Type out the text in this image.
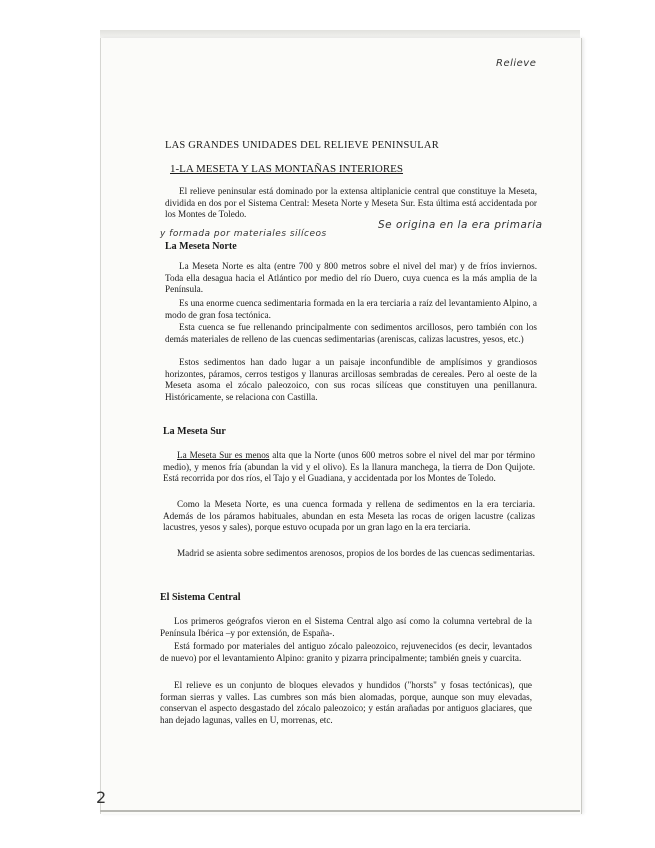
Relieve
LAS GRANDES UNIDADES DEL RELIEVE PENINSULAR
1-LA MESETA Y LAS MONTAÑAS INTERIORES
El relieve peninsular está dominado por la extensa altiplanicie central que constituye la Meseta, dividida en dos por el Sistema Central: Meseta Norte y Meseta Sur. Esta última está accidentada por los Montes de Toledo.
Se origina en la era primaria
y formada por materiales silíceos
La Meseta Norte
La Meseta Norte es alta (entre 700 y 800 metros sobre el nivel del mar) y de fríos inviernos. Toda ella desagua hacia el Atlántico por medio del río Duero, cuya cuenca es la más amplia de la Península.
Es una enorme cuenca sedimentaria formada en la era terciaria a raíz del levantamiento Alpino, a modo de gran fosa tectónica.
Esta cuenca se fue rellenando principalmente con sedimentos arcillosos, pero también con los demás materiales de relleno de las cuencas sedimentarias (areniscas, calizas lacustres, yesos, etc.)
Estos sedimentos han dado lugar a un paisaje inconfundible de amplísimos y grandiosos horizontes, páramos, cerros testigos y llanuras arcillosas sembradas de cereales. Pero al oeste de la Meseta asoma el zócalo paleozoico, con sus rocas silíceas que constituyen una penillanura. Históricamente, se relaciona con Castilla.
La Meseta Sur
La Meseta Sur es menos alta que la Norte (unos 600 metros sobre el nivel del mar por término medio), y menos fría (abundan la vid y el olivo). Es la llanura manchega, la tierra de Don Quijote. Está recorrida por dos ríos, el Tajo y el Guadiana, y accidentada por los Montes de Toledo.
Como la Meseta Norte, es una cuenca formada y rellena de sedimentos en la era terciaria. Además de los páramos habituales, abundan en esta Meseta las rocas de origen lacustre (calizas lacustres, yesos y sales), porque estuvo ocupada por un gran lago en la era terciaria.
Madrid se asienta sobre sedimentos arenosos, propios de los bordes de las cuencas sedimentarias.
El Sistema Central
Los primeros geógrafos vieron en el Sistema Central algo así como la columna vertebral de la Península Ibérica –y por extensión, de España-.
Está formado por materiales del antiguo zócalo paleozoico, rejuvenecidos (es decir, levantados de nuevo) por el levantamiento Alpino: granito y pizarra principalmente; también gneis y cuarcita.
El relieve es un conjunto de bloques elevados y hundidos ("horsts" y fosas tectónicas), que forman sierras y valles. Las cumbres son más bien alomadas, porque, aunque son muy elevadas, conservan el aspecto desgastado del zócalo paleozoico; y están arañadas por antiguos glaciares, que han dejado lagunas, valles en U, morrenas, etc.
2
